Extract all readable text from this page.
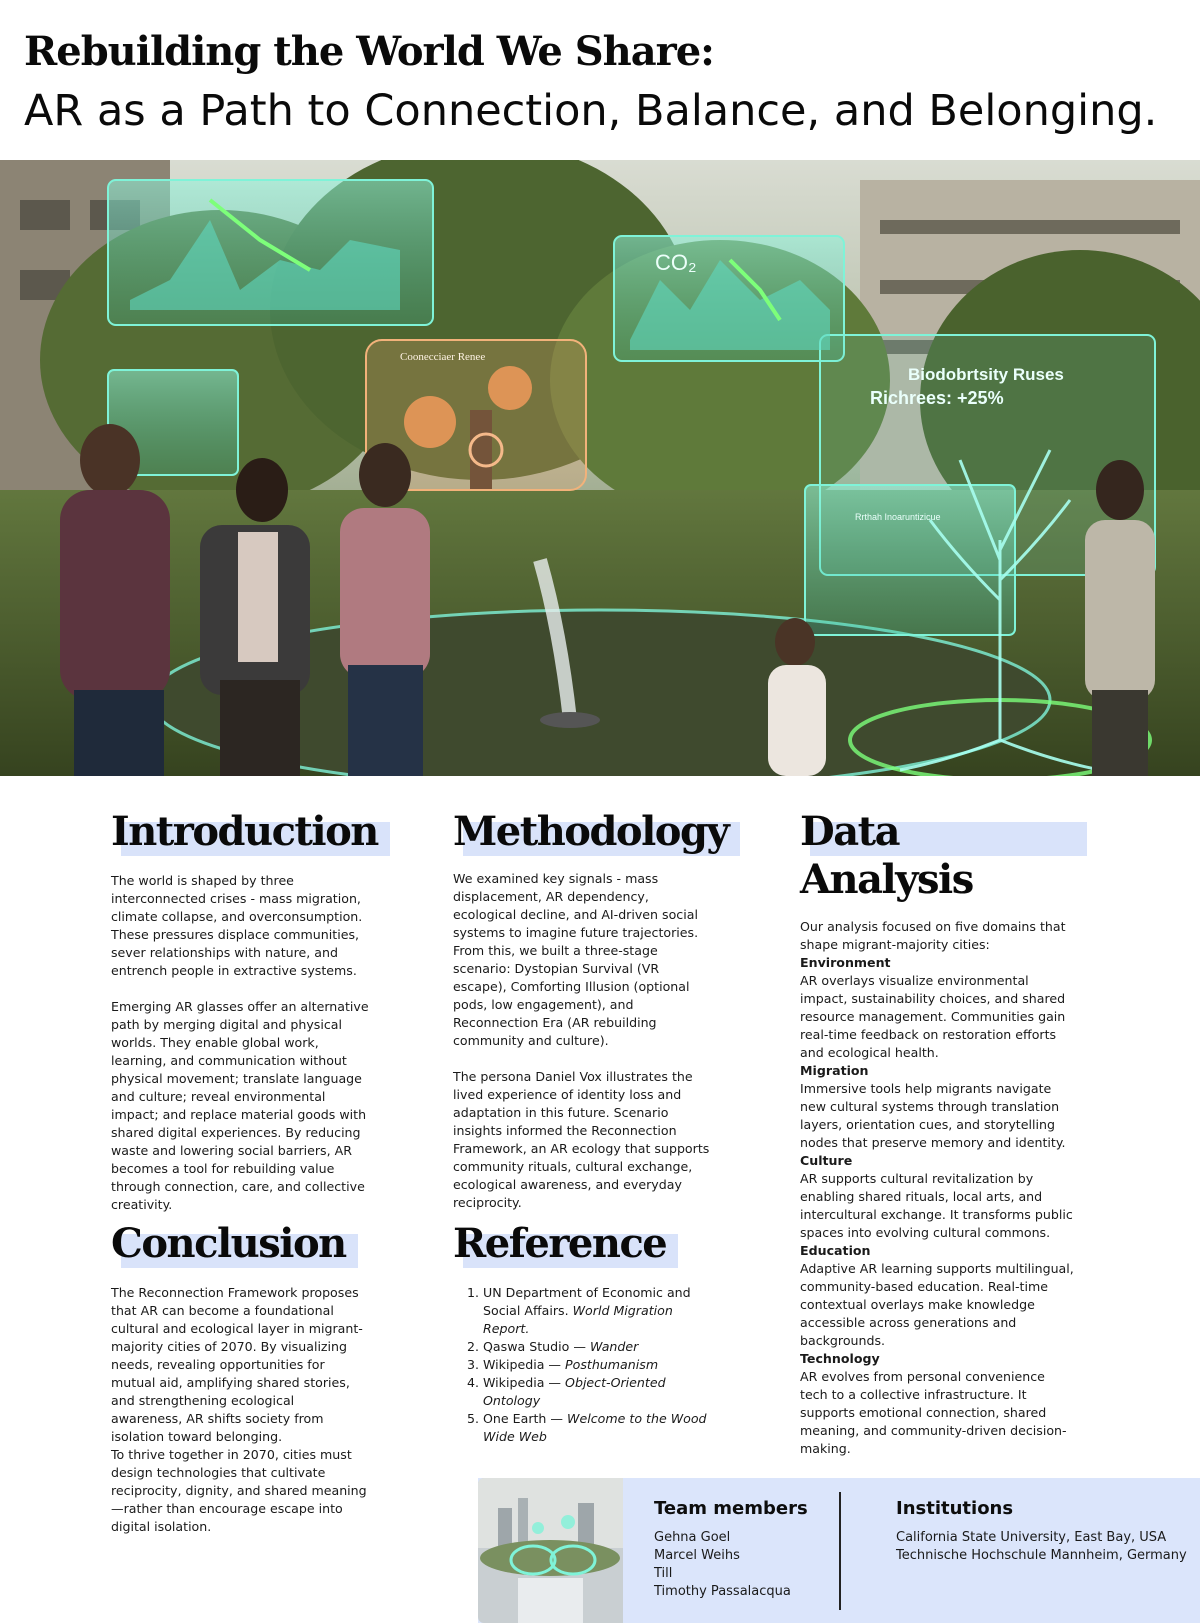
Rebuilding the World We Share:
AR as a Path to Connection, Balance, and Belonging.
CO₂
Coonecciaer Renee
Biodobrtsity Ruses
Richrees: +25%
Rrthah Inoaruntizicue
Introduction

The world is shaped by three interconnected crises - mass migration, climate collapse, and overconsumption. These pressures displace communities, sever relationships with nature, and entrench people in extractive systems.

Emerging AR glasses offer an alternative path by merging digital and physical worlds. They enable global work, learning, and communication without physical movement; translate language and culture; reveal environmental impact; and replace material goods with shared digital experiences. By reducing waste and lowering social barriers, AR becomes a tool for rebuilding value through connection, care, and collective creativity.

Methodology

We examined key signals - mass displacement, AR dependency, ecological decline, and AI-driven social systems to imagine future trajectories.

From this, we built a three-stage scenario: Dystopian Survival (VR escape), Comforting Illusion (optional pods, low engagement), and Reconnection Era (AR rebuilding community and culture).

The persona Daniel Vox illustrates the lived experience of identity loss and adaptation in this future. Scenario insights informed the Reconnection Framework, an AR ecology that supports community rituals, cultural exchange, ecological awareness, and everyday reciprocity.

Data Analysis

Our analysis focused on five domains that shape migrant-majority cities:

Environment

AR overlays visualize environmental impact, sustainability choices, and shared resource management. Communities gain real-time feedback on restoration efforts and ecological health.

Migration

Immersive tools help migrants navigate new cultural systems through translation layers, orientation cues, and storytelling nodes that preserve memory and identity.

Culture

AR supports cultural revitalization by enabling shared rituals, local arts, and intercultural exchange. It transforms public spaces into evolving cultural commons.

Education

Adaptive AR learning supports multilingual, community-based education. Real-time contextual overlays make knowledge accessible across generations and backgrounds.

Technology

AR evolves from personal convenience tech to a collective infrastructure. It supports emotional connection, shared meaning, and community-driven decision-making.

Conclusion

The Reconnection Framework proposes that AR can become a foundational cultural and ecological layer in migrant-majority cities of 2070. By visualizing needs, revealing opportunities for mutual aid, amplifying shared stories, and strengthening ecological awareness, AR shifts society from isolation toward belonging.

To thrive together in 2070, cities must design technologies that cultivate reciprocity, dignity, and shared meaning—rather than encourage escape into digital isolation.

Reference
1. UN Department of Economic and Social Affairs. World Migration Report.
2. Qaswa Studio — Wander
3. Wikipedia — Posthumanism
4. Wikipedia — Object-Oriented Ontology
5. One Earth — Welcome to the Wood Wide Web
Team members
Gehna Goel
Marcel Weihs
Till
Timothy Passalacqua
Institutions
California State University, East Bay, USA
Technische Hochschule Mannheim, Germany
